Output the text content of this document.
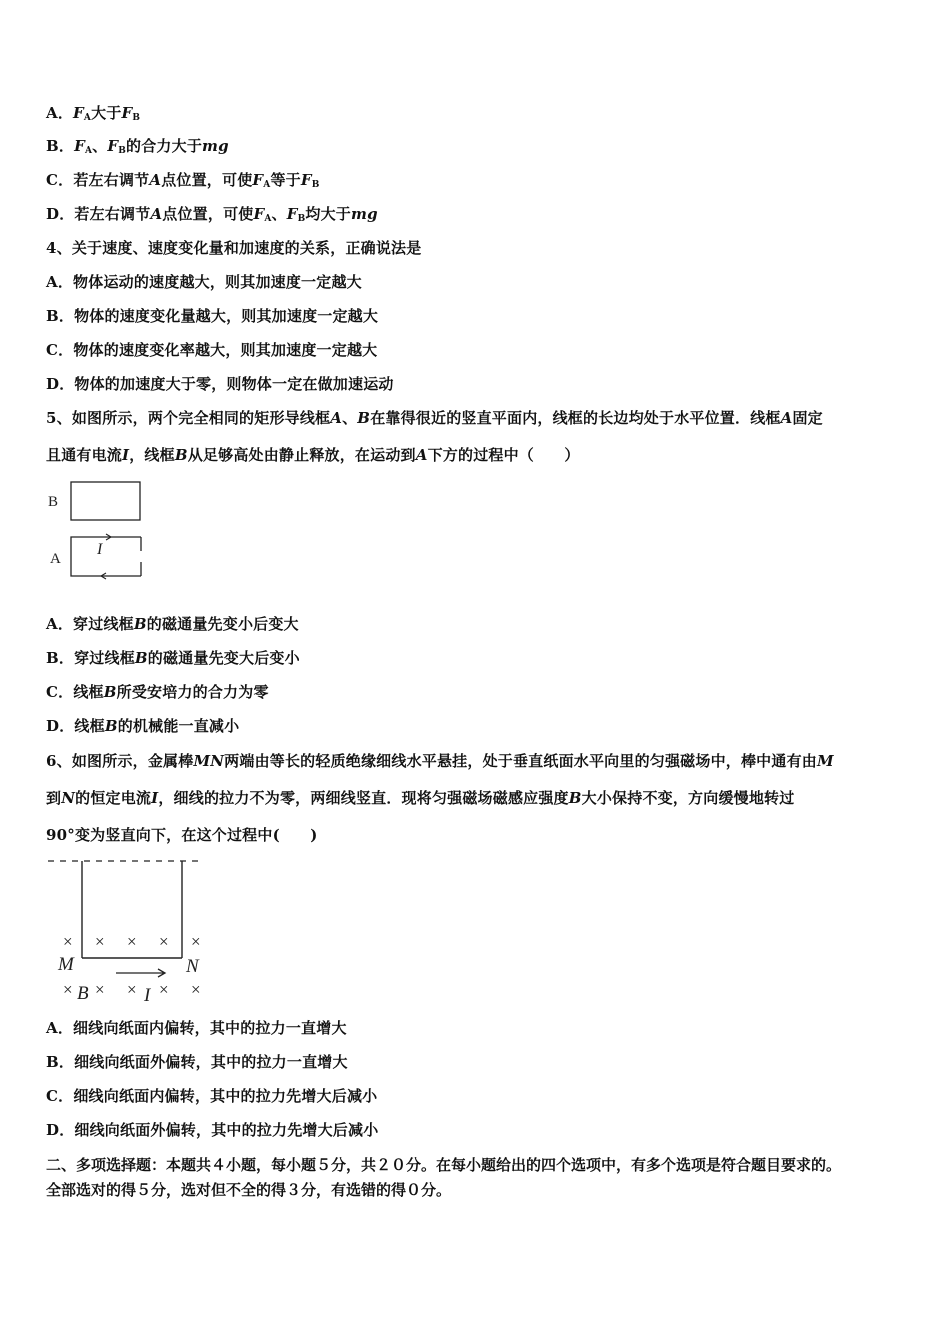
A．$F_A$大于$F_B$
B．$F_A$、$F_B$的合力大于mg
C．若左右调节A点位置，可使$F_A$等于$F_B$
D．若左右调节A点位置，可使$F_A$、$F_B$均大于mg
4、关于速度、速度变化量和加速度的关系，正确说法是
A．物体运动的速度越大，则其加速度一定越大
B．物体的速度变化量越大，则其加速度一定越大
C．物体的速度变化率越大，则其加速度一定越大
D．物体的加速度大于零，则物体一定在做加速运动
5、如图所示，两个完全相同的矩形导线框A、B在靠得很近的竖直平面内，线框的长边均处于水平位置．线框A固定
且通有电流I，线框B从足够高处由静止释放，在运动到A下方的过程中（　　）
B
A
I
A．穿过线框B的磁通量先变小后变大
B．穿过线框B的磁通量先变大后变小
C．线框B所受安培力的合力为零
D．线框B的机械能一直减小
6、如图所示，金属棒MN两端由等长的轻质绝缘细线水平悬挂，处于垂直纸面水平向里的匀强磁场中，棒中通有由M
到N的恒定电流I，细线的拉力不为零，两细线竖直．现将匀强磁场磁感应强度B大小保持不变，方向缓慢地转过
90°变为竖直向下，在这个过程中(　　)
× × × × ×
× × × × ×
M	N
B	I
A．细线向纸面内偏转，其中的拉力一直增大
B．细线向纸面外偏转，其中的拉力一直增大
C．细线向纸面内偏转，其中的拉力先增大后减小
D．细线向纸面外偏转，其中的拉力先增大后减小
二、多项选择题：本题共４小题，每小题５分，共２０分。在每小题给出的四个选项中，有多个选项是符合题目要求的。
全部选对的得５分，选对但不全的得３分，有选错的得０分。
